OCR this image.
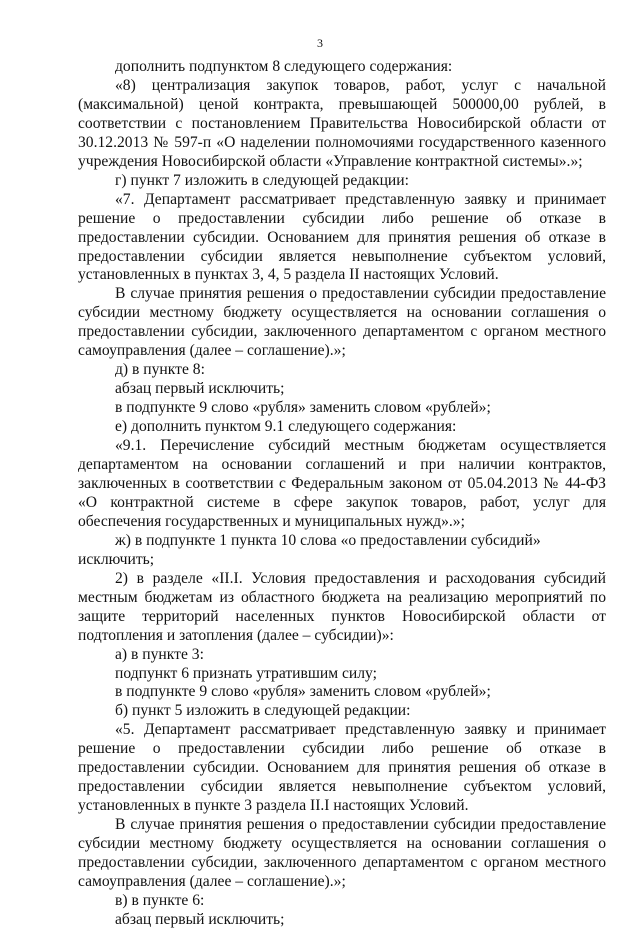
3

дополнить подпунктом 8 следующего содержания:

«8) централизация закупок товаров, работ, услуг с начальной (максимальной) ценой контракта, превышающей 500000,00 рублей, в соответствии с постановлением Правительства Новосибирской области от 30.12.2013 № 597-п «О наделении полномочиями государственного казенного учреждения Новосибирской области «Управление контрактной системы».»;

г) пункт 7 изложить в следующей редакции:

«7. Департамент рассматривает представленную заявку и принимает решение о предоставлении субсидии либо решение об отказе в предоставлении субсидии. Основанием для принятия решения об отказе в предоставлении субсидии является невыполнение субъектом условий, установленных в пунктах 3, 4, 5 раздела II настоящих Условий.

В случае принятия решения о предоставлении субсидии предоставление субсидии местному бюджету осуществляется на основании соглашения о предоставлении субсидии, заключенного департаментом с органом местного самоуправления (далее – соглашение).»;

д) в пункте 8:

абзац первый исключить;

в подпункте 9 слово «рубля» заменить словом «рублей»;

е) дополнить пунктом 9.1 следующего содержания:

«9.1. Перечисление субсидий местным бюджетам осуществляется департаментом на основании соглашений и при наличии контрактов, заключенных в соответствии с Федеральным законом от 05.04.2013 № 44-ФЗ «О контрактной системе в сфере закупок товаров, работ, услуг для обеспечения государственных и муниципальных нужд».»;

ж) в подпункте 1 пункта 10 слова «о предоставлении субсидий» исключить;

2) в разделе «II.I. Условия предоставления и расходования субсидий местным бюджетам из областного бюджета на реализацию мероприятий по защите территорий населенных пунктов Новосибирской области от подтопления и затопления (далее – субсидии)»:

а) в пункте 3:

подпункт 6 признать утратившим силу;

в подпункте 9 слово «рубля» заменить словом «рублей»;

б) пункт 5 изложить в следующей редакции:

«5. Департамент рассматривает представленную заявку и принимает решение о предоставлении субсидии либо решение об отказе в предоставлении субсидии. Основанием для принятия решения об отказе в предоставлении субсидии является невыполнение субъектом условий, установленных в пункте 3 раздела II.I настоящих Условий.

В случае принятия решения о предоставлении субсидии предоставление субсидии местному бюджету осуществляется на основании соглашения о предоставлении субсидии, заключенного департаментом с органом местного самоуправления (далее – соглашение).»;

в) в пункте 6:

абзац первый исключить;
